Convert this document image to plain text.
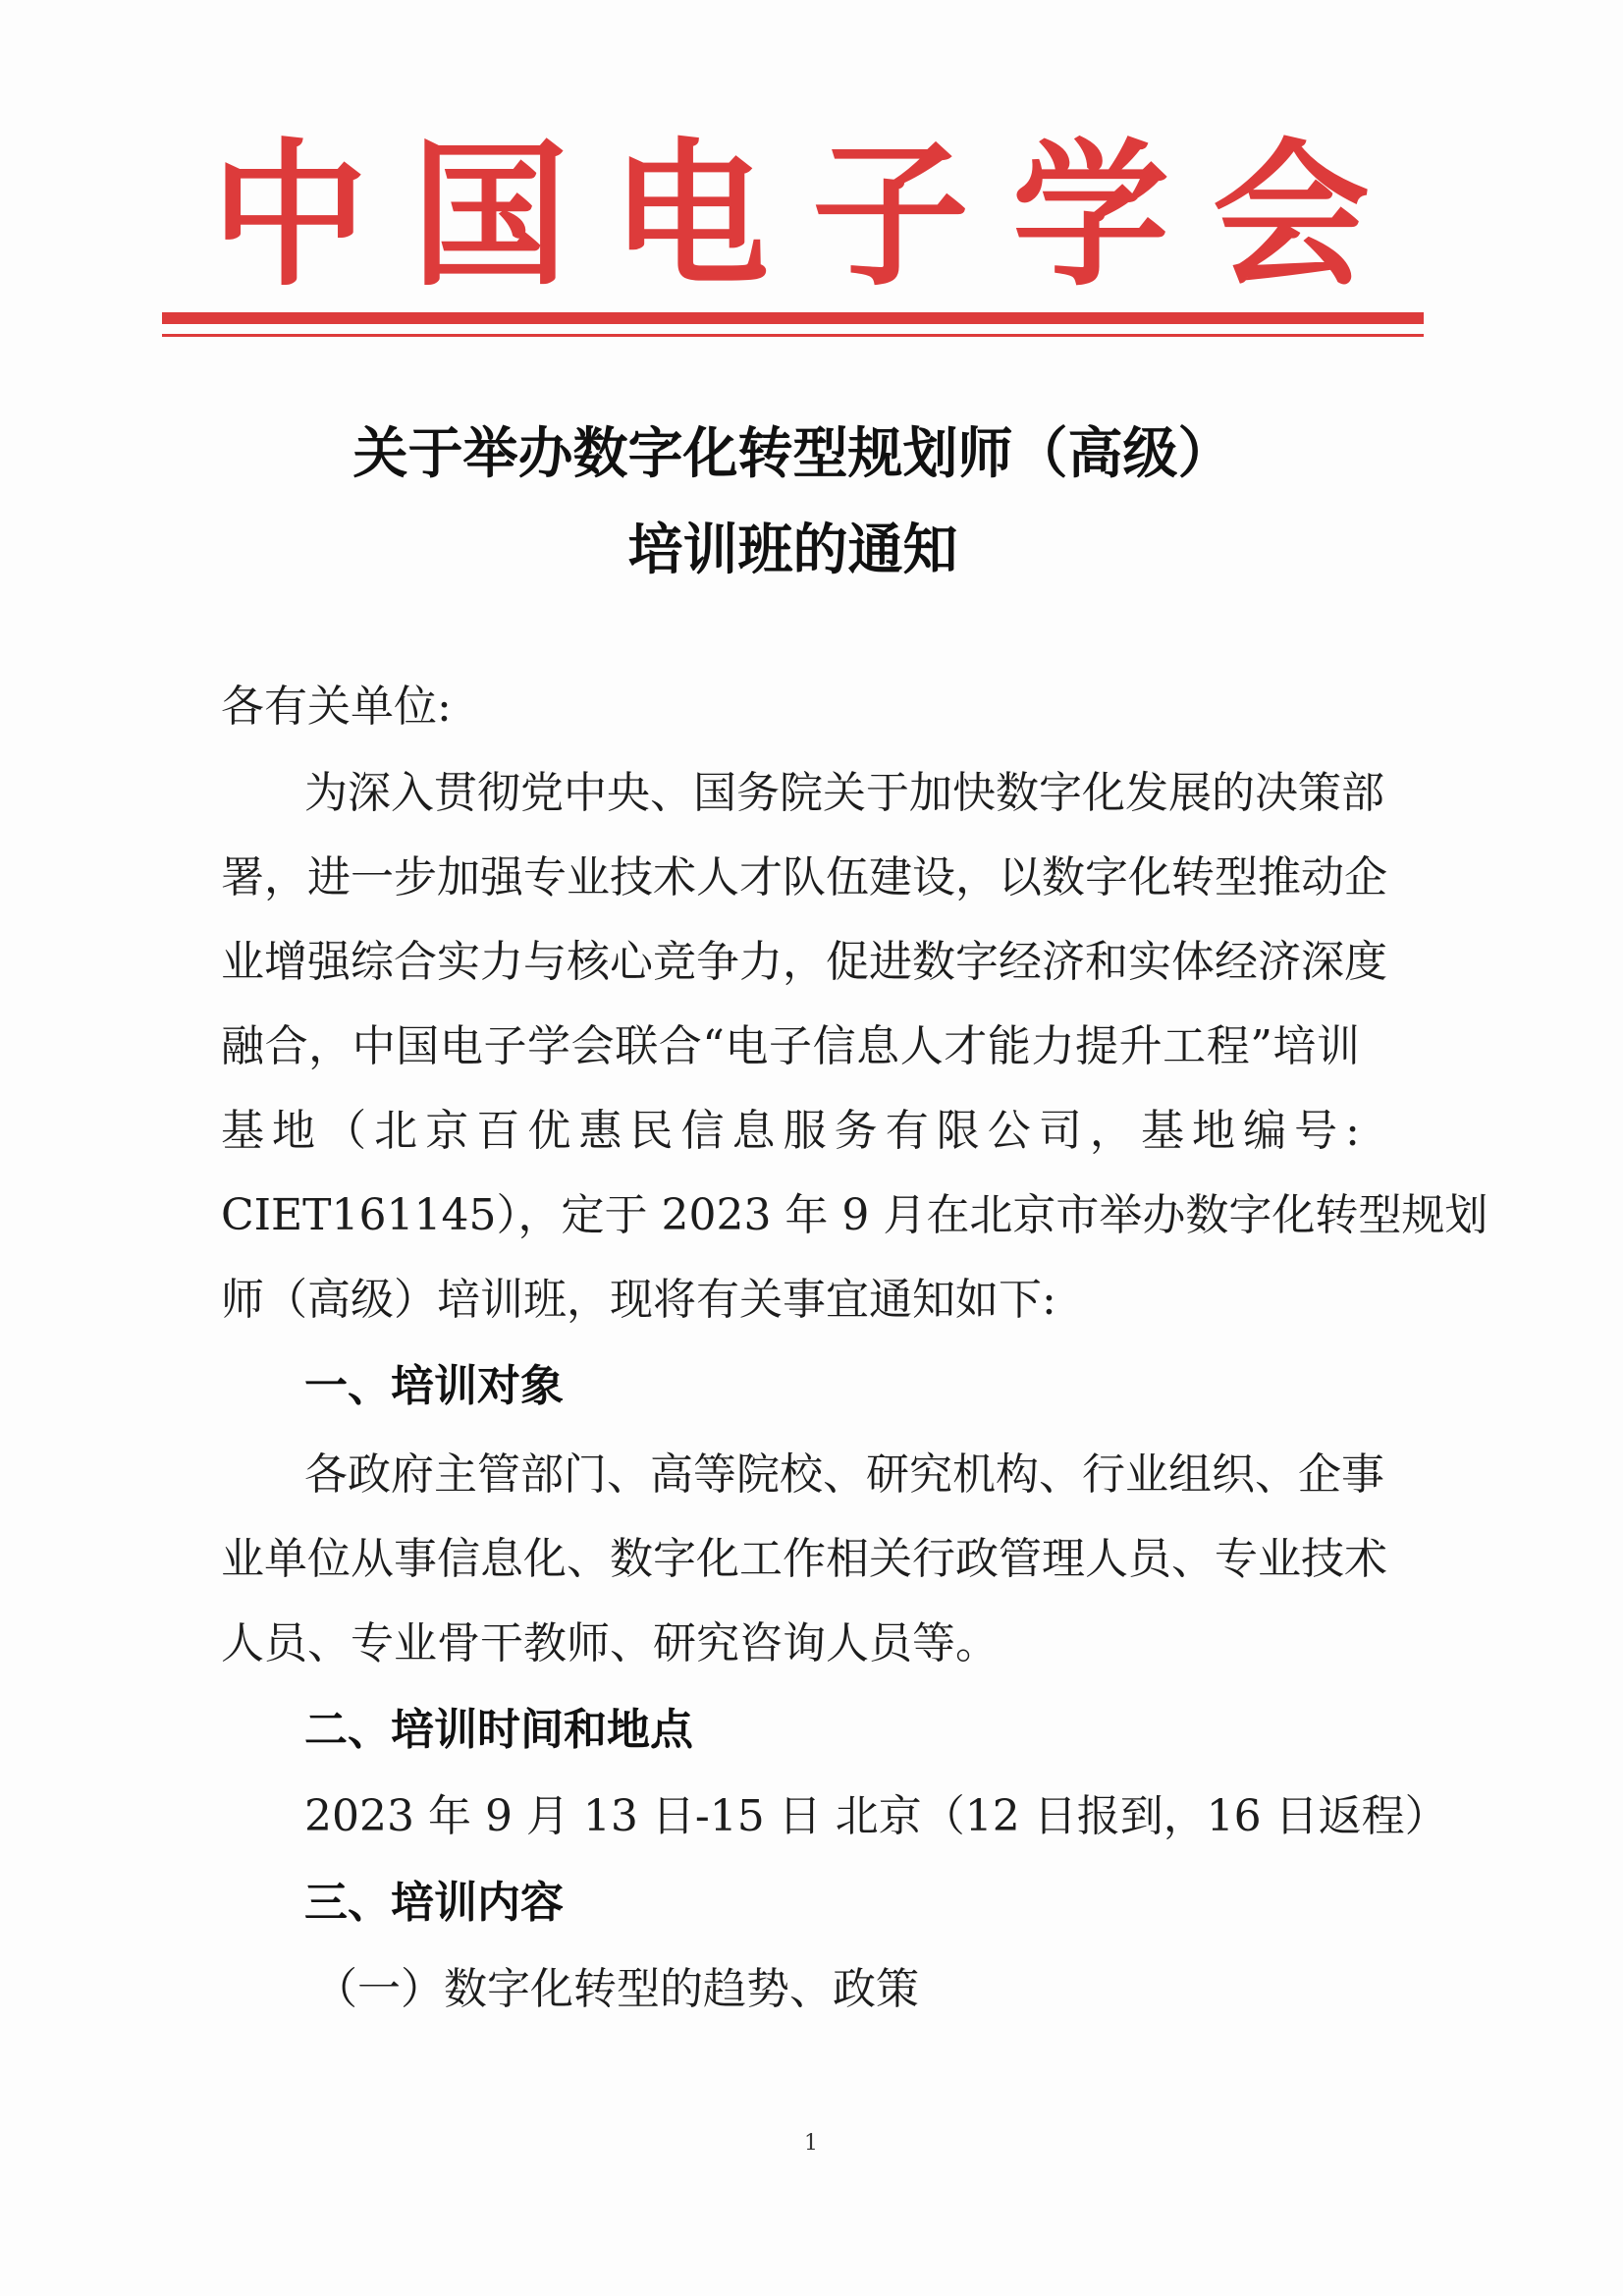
中 国 电 子 学 会
关于举办数字化转型规划师（高级）
培训班的通知
各有关单位:
为深入贯彻党中央、国务院关于加快数字化发展的决策部
署，进一步加强专业技术人才队伍建设，以数字化转型推动企
业增强综合实力与核心竞争力，促进数字经济和实体经济深度
融合，中国电子学会联合“电子信息人才能力提升工程”培训
基地（北京百优惠民信息服务有限公司，基地编号:
CIET161145），定于 2023 年 9 月在北京市举办数字化转型规划
师（高级）培训班，现将有关事宜通知如下:
一、培训对象
各政府主管部门、高等院校、研究机构、行业组织、企事
业单位从事信息化、数字化工作相关行政管理人员、专业技术
人员、专业骨干教师、研究咨询人员等。
二、培训时间和地点
2023 年 9 月 13 日-15 日 北京（12 日报到，16 日返程）
三、培训内容
（一）数字化转型的趋势、政策
1
